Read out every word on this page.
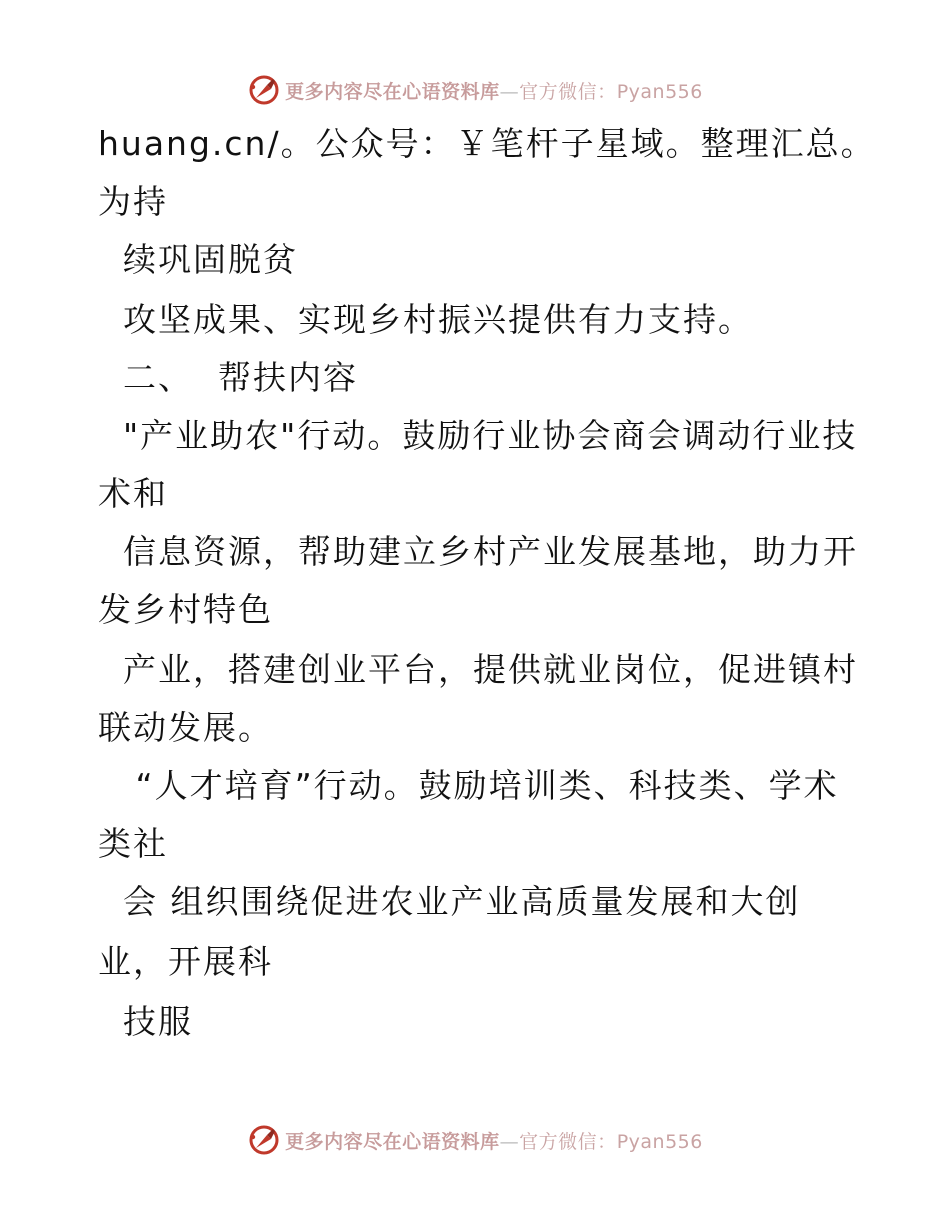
更多内容尽在心语资料库—官方微信：Pyan556
huang.cn/。公众号：￥笔杆子星域。整理汇总。
为持
续巩固脱贫
攻坚成果、实现乡村振兴提供有力支持。
二、  帮扶内容
"产业助农"行动。鼓励行业协会商会调动行业技
术和
信息资源，帮助建立乡村产业发展基地，助力开
发乡村特色
产业，搭建创业平台，提供就业岗位，促进镇村
联动发展。
“人才培育”行动。鼓励培训类、科技类、学术
类社
会 组织围绕促进农业产业高质量发展和大创
业，开展科
技服
更多内容尽在心语资料库—官方微信：Pyan556
